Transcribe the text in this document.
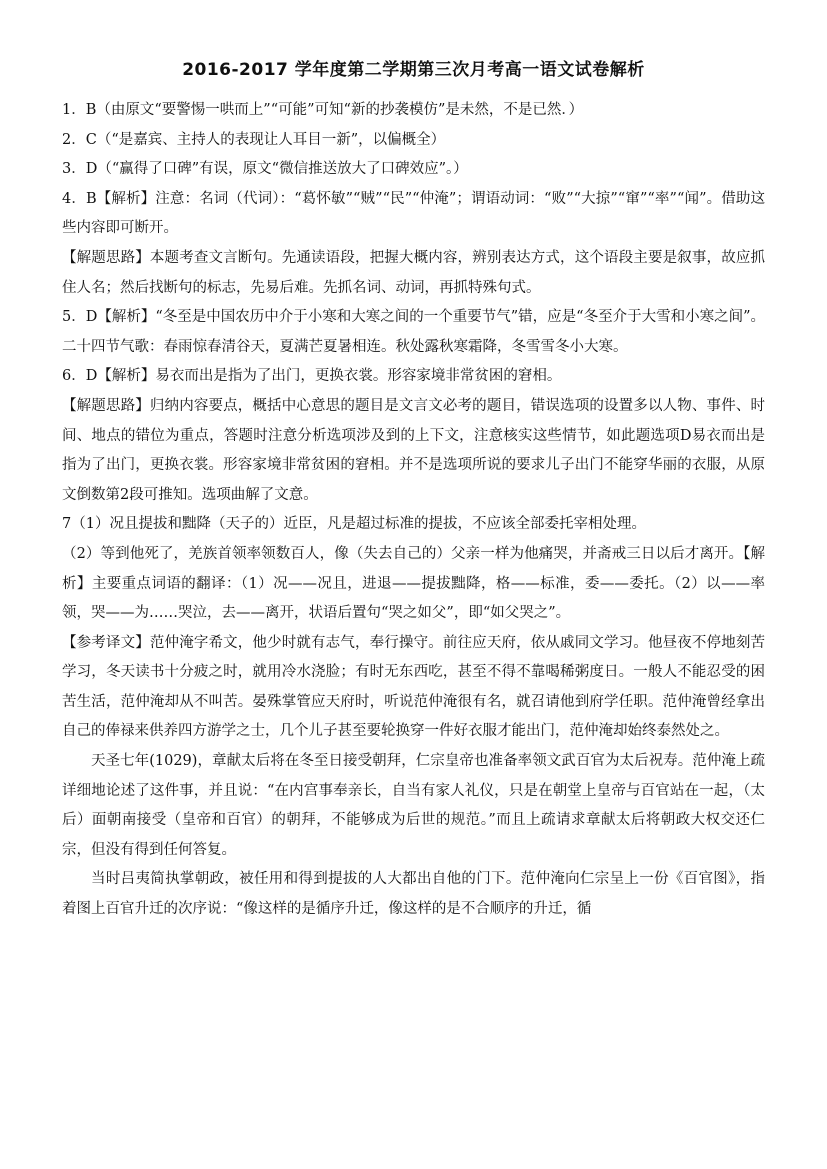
2016-2017 学年度第二学期第三次月考高一语文试卷解析

1．B（由原文“要警惕一哄而上”“可能”可知“新的抄袭模仿”是未然，不是已然．）

2．C（“是嘉宾、主持人的表现让人耳目一新”，以偏概全）

3．D（“赢得了口碑”有误，原文“微信推送放大了口碑效应”。）

4．B【解析】注意：名词（代词）：“葛怀敏”“贼”“民”“仲淹”；谓语动词：“败”“大掠”“窜”“率”“闻”。借助这些内容即可断开。

【解题思路】本题考查文言断句。先通读语段，把握大概内容，辨别表达方式，这个语段主要是叙事，故应抓住人名；然后找断句的标志，先易后难。先抓名词、动词，再抓特殊句式。

5．D【解析】“冬至是中国农历中介于小寒和大寒之间的一个重要节气”错，应是“冬至介于大雪和小寒之间”。二十四节气歌：春雨惊春清谷天，夏满芒夏暑相连。秋处露秋寒霜降，冬雪雪冬小大寒。

6．D【解析】易衣而出是指为了出门，更换衣裳。形容家境非常贫困的窘相。

【解题思路】归纳内容要点，概括中心意思的题目是文言文必考的题目，错误选项的设置多以人物、事件、时间、地点的错位为重点，答题时注意分析选项涉及到的上下文，注意核实这些情节，如此题选项D易衣而出是指为了出门，更换衣裳。形容家境非常贫困的窘相。并不是选项所说的要求儿子出门不能穿华丽的衣服，从原文倒数第2段可推知。选项曲解了文意。

7（1）况且提拔和黜降（天子的）近臣，凡是超过标准的提拔，不应该全部委托宰相处理。

（2）等到他死了，羌族首领率领数百人，像（失去自己的）父亲一样为他痛哭，并斋戒三日以后才离开。【解析】主要重点词语的翻译：（1）况——况且，进退——提拔黜降，格——标准，委——委托。（2）以——率领，哭——为……哭泣，去——离开，状语后置句“哭之如父”，即“如父哭之”。

【参考译文】范仲淹字希文，他少时就有志气，奉行操守。前往应天府，依从戚同文学习。他昼夜不停地刻苦学习，冬天读书十分疲之时，就用冷水浇脸；有时无东西吃，甚至不得不靠喝稀粥度日。一般人不能忍受的困苦生活，范仲淹却从不叫苦。晏殊掌管应天府时，听说范仲淹很有名，就召请他到府学任职。范仲淹曾经拿出自己的俸禄来供养四方游学之士，几个儿子甚至要轮换穿一件好衣服才能出门，范仲淹却始终泰然处之。

天圣七年(1029)，章献太后将在冬至日接受朝拜，仁宗皇帝也准备率领文武百官为太后祝寿。范仲淹上疏详细地论述了这件事，并且说：“在内宫事奉亲长，自当有家人礼仪，只是在朝堂上皇帝与百官站在一起，（太后）面朝南接受（皇帝和百官）的朝拜，不能够成为后世的规范。”而且上疏请求章献太后将朝政大权交还仁宗，但没有得到任何答复。

当时吕夷简执掌朝政，被任用和得到提拔的人大都出自他的门下。范仲淹向仁宗呈上一份《百官图》，指着图上百官升迁的次序说：“像这样的是循序升迁，像这样的是不合顺序的升迁，循
